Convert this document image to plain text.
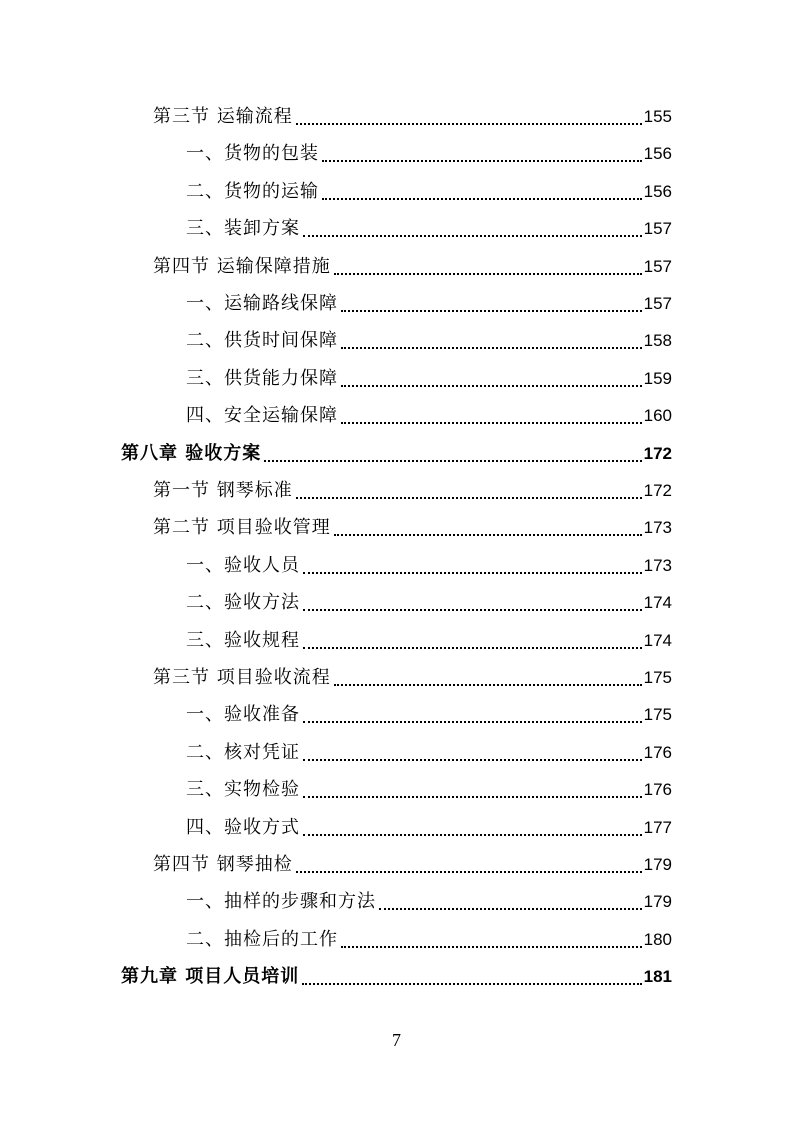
第三节 运输流程	155
一、货物的包装	156
二、货物的运输	156
三、装卸方案	157
第四节 运输保障措施	157
一、运输路线保障	157
二、供货时间保障	158
三、供货能力保障	159
四、安全运输保障	160
第八章 验收方案	172
第一节 钢琴标准	172
第二节 项目验收管理	173
一、验收人员	173
二、验收方法	174
三、验收规程	174
第三节 项目验收流程	175
一、验收准备	175
二、核对凭证	176
三、实物检验	176
四、验收方式	177
第四节 钢琴抽检	179
一、抽样的步骤和方法	179
二、抽检后的工作	180
第九章 项目人员培训	181
7
